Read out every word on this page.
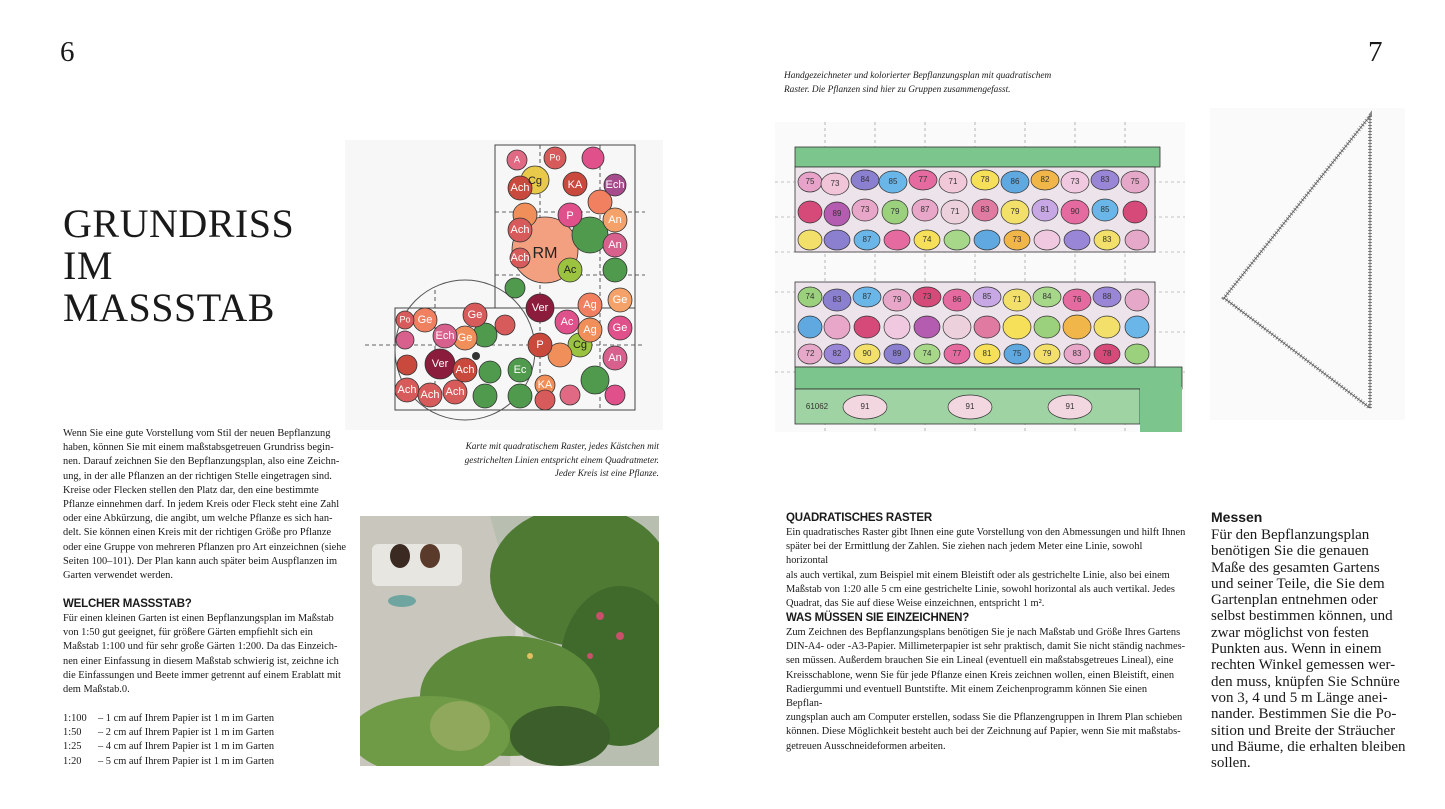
6	7
GRUNDRISS
IM
MASSSTAB
Wenn Sie eine gute Vorstellung vom Stil der neuen Bepflanzung
haben, können Sie mit einem maßstabsgetreuen Grundriss begin-
nen. Darauf zeichnen Sie den Bepflanzungsplan, also eine Zeichn-
ung, in der alle Pflanzen an der richtigen Stelle eingetragen sind.
Kreise oder Flecken stellen den Platz dar, den eine bestimmte
Pflanze einnehmen darf. In jedem Kreis oder Fleck steht eine Zahl
oder eine Abkürzung, die angibt, um welche Pflanze es sich han-
delt. Sie können einen Kreis mit der richtigen Größe pro Pflanze
oder eine Gruppe von mehreren Pflanzen pro Art einzeichnen (siehe
Seiten 100–101). Der Plan kann auch später beim Auspflanzen im
Garten verwendet werden.
WELCHER MASSSTAB?
Für einen kleinen Garten ist einen Bepflanzungsplan im Maßstab
von 1:50 gut geeignet, für größere Gärten empfiehlt sich ein
Maßstab 1:100 und für sehr große Gärten 1:200. Da das Einzeich-
nen einer Einfassung in diesem Maßstab schwierig ist, zeichne ich
die Einfassungen und Beete immer getrennt auf einem Erablatt mit
dem Maßstab.0.
1:100	– 1 cm auf Ihrem Papier ist 1 m im Garten
1:50	– 2 cm auf Ihrem Papier ist 1 m im Garten
1:25	– 4 cm auf Ihrem Papier ist 1 m im Garten
1:20	– 5 cm auf Ihrem Papier ist 1 m im Garten
RM
Ver
Ver
Cg
Ach	KA Ech
P	An
An
Ac
Ag Ge
Ge
Cg
An
P
Ec
KA
Ge
Ech
Ge
Ge
Ach Ach Ach
Ach
Po
A	Po
Ach
Ach
Ac
Ag
Karte mit quadratischem Raster, jedes Kästchen mit
gestrichelten Linien entspricht einem Quadratmeter.
Jeder Kreis ist eine Pflanze.
Handgezeichneter und kolorierter Bepflanzungsplan mit quadratischem
Raster. Die Pflanzen sind hier zu Gruppen zusammengefasst.
75 73	84 85	77	71	78	86	82	73	83	75
89 73	79	87	71	83	79	81	90	85
87	74	73	83
74 83	87	79	73	86	85	71	84	76	88
72 82	90	89	74	77	81	75	79	83	78
61062	91	91	91
QUADRATISCHES RASTER
Ein quadratisches Raster gibt Ihnen eine gute Vorstellung von den Abmessungen und hilft Ihnen
später bei der Ermittlung der Zahlen. Sie ziehen nach jedem Meter eine Linie, sowohl horizontal
als auch vertikal, zum Beispiel mit einem Bleistift oder als gestrichelte Linie, also bei einem
Maßstab von 1:20 alle 5 cm eine gestrichelte Linie, sowohl horizontal als auch vertikal. Jedes
Quadrat, das Sie auf diese Weise einzeichnen, entspricht 1 m².
WAS MÜSSEN SIE EINZEICHNEN?
Zum Zeichnen des Bepflanzungsplans benötigen Sie je nach Maßstab und Größe Ihres Gartens
DIN-A4- oder -A3-Papier. Millimeterpapier ist sehr praktisch, damit Sie nicht ständig nachmes-
sen müssen. Außerdem brauchen Sie ein Lineal (eventuell ein maßstabsgetreues Lineal), eine
Kreisschablone, wenn Sie für jede Pflanze einen Kreis zeichnen wollen, einen Bleistift, einen
Radiergummi und eventuell Buntstifte. Mit einem Zeichenprogramm können Sie einen Bepflan-
zungsplan auch am Computer erstellen, sodass Sie die Pflanzengruppen in Ihrem Plan schieben
können. Diese Möglichkeit besteht auch bei der Zeichnung auf Papier, wenn Sie mit maßstabs-
getreuen Ausschneideformen arbeiten.
Messen
Für den Bepflanzungsplan
benötigen Sie die genauen
Maße des gesamten Gartens
und seiner Teile, die Sie dem
Gartenplan entnehmen oder
selbst bestimmen können, und
zwar möglichst von festen
Punkten aus. Wenn in einem
rechten Winkel gemessen wer-
den muss, knüpfen Sie Schnüre
von 3, 4 und 5 m Länge anei-
nander. Bestimmen Sie die Po-
sition und Breite der Sträucher
und Bäume, die erhalten bleiben
sollen.
